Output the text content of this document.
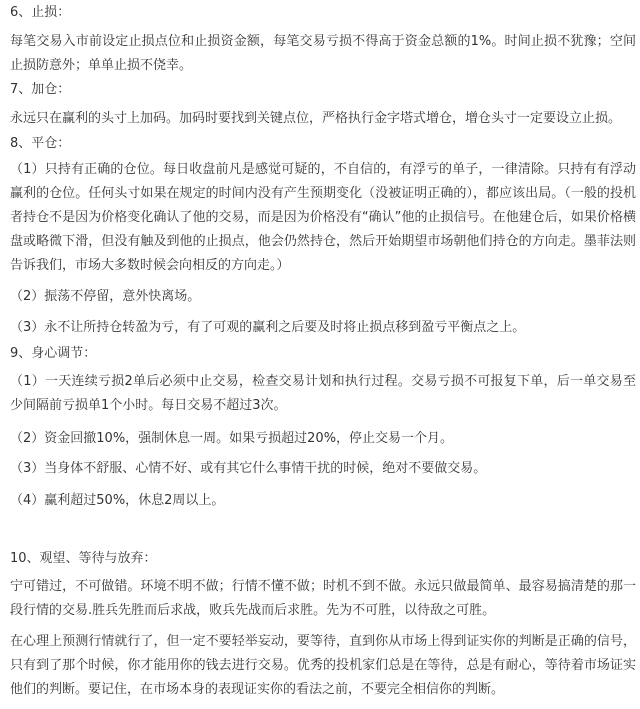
6、止损：
每笔交易入市前设定止损点位和止损资金额，每笔交易亏损不得高于资金总额的1%。时间止损不犹豫；空间止损防意外；单单止损不侥幸。
7、加仓：
永远只在赢利的头寸上加码。加码时要找到关键点位，严格执行金字塔式增仓，增仓头寸一定要设立止损。
8、平仓：
（1）只持有正确的仓位。每日收盘前凡是感觉可疑的，不自信的，有浮亏的单子，一律清除。只持有有浮动赢利的仓位。任何头寸如果在规定的时间内没有产生预期变化（没被证明正确的），都应该出局。（一般的投机者持仓不是因为价格变化确认了他的交易，而是因为价格没有“确认”他的止损信号。在他建仓后，如果价格横盘或略微下滑，但没有触及到他的止损点，他会仍然持仓，然后开始期望市场朝他们持仓的方向走。墨菲法则告诉我们，市场大多数时候会向相反的方向走。）
（2）振荡不停留，意外快离场。
（3）永不让所持仓转盈为亏，有了可观的赢利之后要及时将止损点移到盈亏平衡点之上。
9、身心调节：
（1）一天连续亏损2单后必须中止交易，检查交易计划和执行过程。交易亏损不可报复下单，后一单交易至少间隔前亏损单1个小时。每日交易不超过3次。
（2）资金回撤10%，强制休息一周。如果亏损超过20%，停止交易一个月。
（3）当身体不舒服、心情不好、或有其它什么事情干扰的时候，绝对不要做交易。
（4）赢利超过50%，休息2周以上。
10、观望、等待与放弃：
宁可错过，不可做错。环境不明不做；行情不懂不做；时机不到不做。永远只做最简单、最容易搞清楚的那一段行情的交易.胜兵先胜而后求战，败兵先战而后求胜。先为不可胜，以待敌之可胜。
在心理上预测行情就行了，但一定不要轻举妄动，要等待，直到你从市场上得到证实你的判断是正确的信号，只有到了那个时候，你才能用你的钱去进行交易。优秀的投机家们总是在等待，总是有耐心，等待着市场证实他们的判断。要记住，在市场本身的表现证实你的看法之前，不要完全相信你的判断。
